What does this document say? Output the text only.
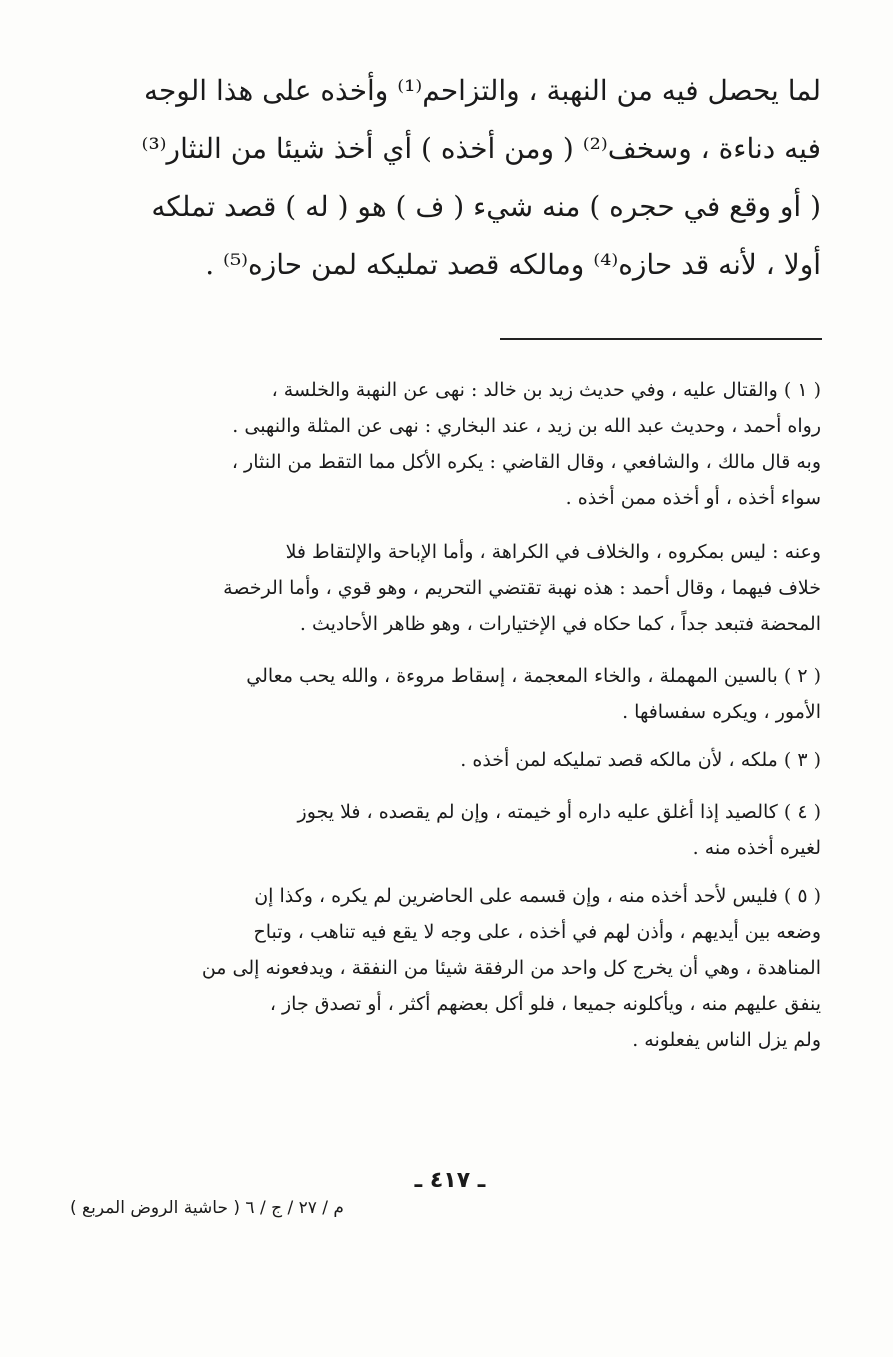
لما يحصل فيه من النهبة ، والتزاحم⁽¹⁾ وأخذه على هذا الوجه
فيه دناءة ، وسخف⁽²⁾ ( ومن أخذه ) أي أخذ شيئا من النثار⁽³⁾
( أو وقع في حجره ) منه شيء ( ف ) هو ( له ) قصد تملكه
أولا ، لأنه قد حازه⁽⁴⁾ ومالكه قصد تمليكه لمن حازه⁽⁵⁾ .
( ١ ) والقتال عليه ، وفي حديث زيد بن خالد : نهى عن النهبة والخلسة ،
رواه أحمد ، وحديث عبد الله بن زيد ، عند البخاري : نهى عن المثلة والنهبى .
وبه قال مالك ، والشافعي ، وقال القاضي : يكره الأكل مما التقط من النثار ،
سواء أخذه ، أو أخذه ممن أخذه .
وعنه : ليس بمكروه ، والخلاف في الكراهة ، وأما الإباحة والإلتقاط فلا
خلاف فيهما ، وقال أحمد : هذه نهبة تقتضي التحريم ، وهو قوي ، وأما الرخصة
المحضة فتبعد جداً ، كما حكاه في الإختيارات ، وهو ظاهر الأحاديث .
( ٢ ) بالسين المهملة ، والخاء المعجمة ، إسقاط مروءة ، والله يحب معالي
الأمور ، ويكره سفسافها .
( ٣ ) ملكه ، لأن مالكه قصد تمليكه لمن أخذه .
( ٤ ) كالصيد إذا أغلق عليه داره أو خيمته ، وإن لم يقصده ، فلا يجوز
لغيره أخذه منه .
( ٥ ) فليس لأحد أخذه منه ، وإن قسمه على الحاضرين لم يكره ، وكذا إن
وضعه بين أيديهم ، وأذن لهم في أخذه ، على وجه لا يقع فيه تناهب ، وتباح
المناهدة ، وهي أن يخرج كل واحد من الرفقة شيئا من النفقة ، ويدفعونه إلى من
ينفق عليهم منه ، ويأكلونه جميعا ، فلو أكل بعضهم أكثر ، أو تصدق جاز ،
ولم يزل الناس يفعلونه .
ـ ٤١٧ ـ
م / ٢٧ / ج / ٦ ( حاشية الروض المربع )
